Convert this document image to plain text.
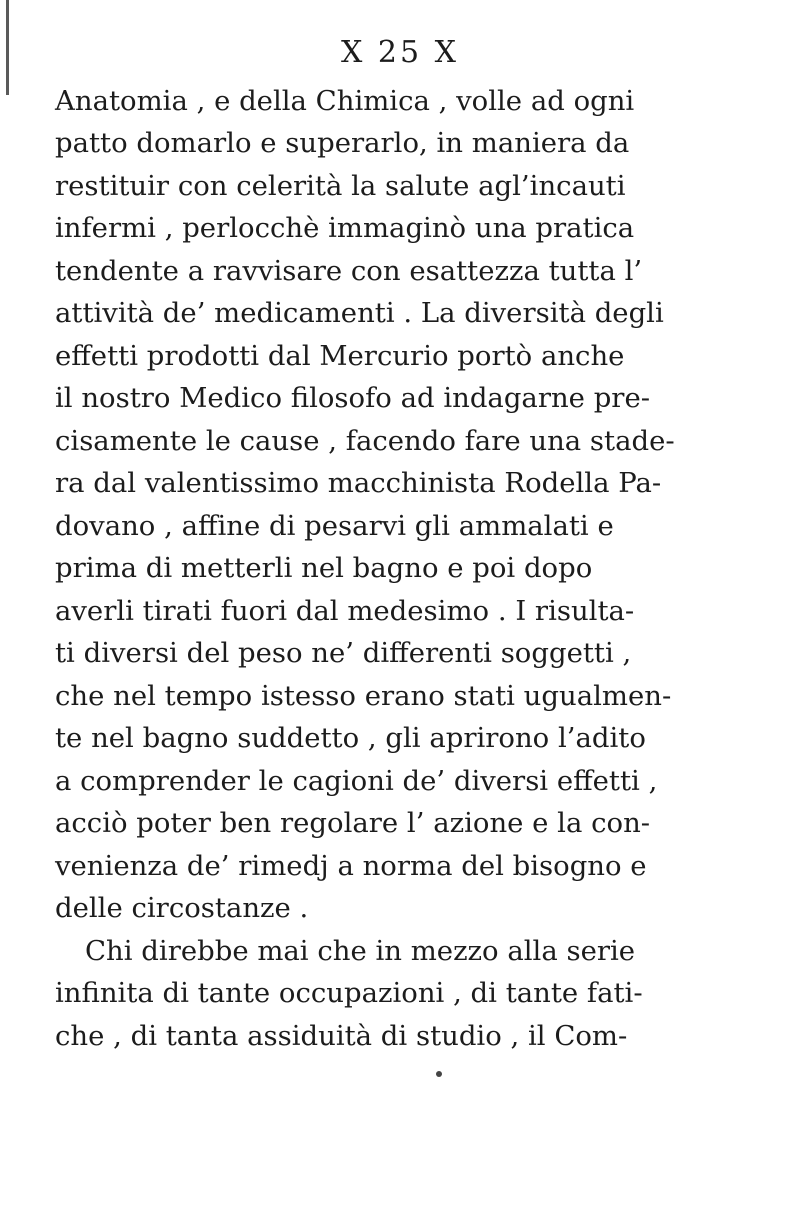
X 25 X
Anatomia , e della Chimica , volle ad ogni
patto domarlo e superarlo, in maniera da
restituir con celerità la salute agl’incauti
infermi , perlocchè immaginò una pratica
tendente a ravvisare con esattezza tutta l’
attività de’ medicamenti . La diversità degli
effetti prodotti dal Mercurio portò anche
il nostro Medico filosofo ad indagarne pre-
cisamente le cause , facendo fare una stade-
ra dal valentissimo macchinista Rodella Pa-
dovano , affine di pesarvi gli ammalati e
prima di metterli nel bagno e poi dopo
averli tirati fuori dal medesimo . I risulta-
ti diversi del peso ne’ differenti soggetti ,
che nel tempo istesso erano stati ugualmen-
te nel bagno suddetto , gli aprirono l’adito
a comprender le cagioni de’ diversi effetti ,
acciò poter ben regolare l’ azione e la con-
venienza de’ rimedj a norma del bisogno e
delle circostanze .
Chi direbbe mai che in mezzo alla serie
infinita di tante occupazioni , di tante fati-
che , di tanta assiduità di studio , il Com-
